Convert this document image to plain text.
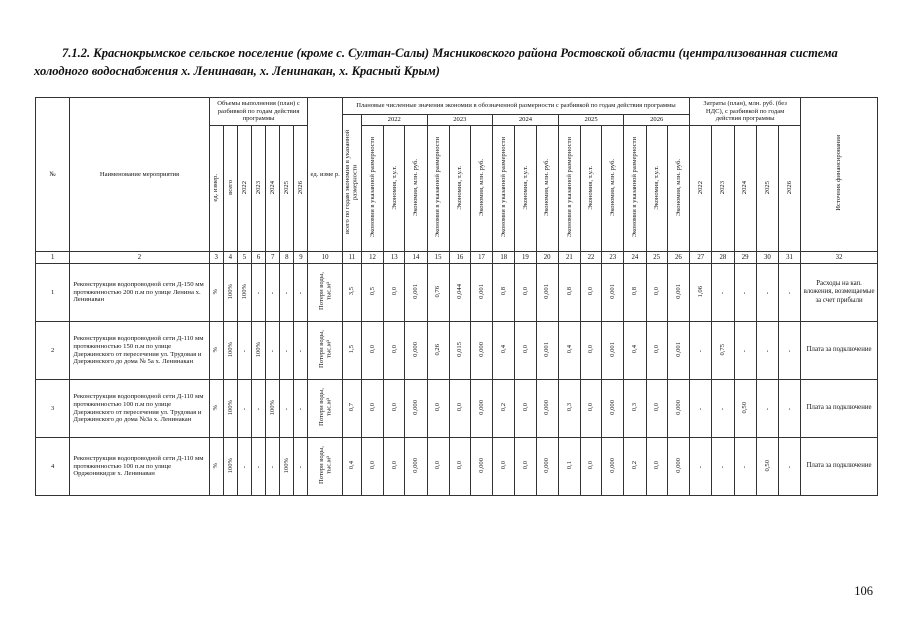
7.1.2. Краснокрымское сельское поселение (кроме с. Султан-Салы) Мясниковского района Ростовской области (централизованная система холодного водоснабжения х. Ленинаван, х. Ленинакан, х. Красный Крым)
№	Наименование мероприятия	Объемы выполнения (план) с разбивкой по годам действия программы							ед. изме р.	Плановые численные значения экономии в обозначенной размерности с разбивкой по годам действия программы																Затраты (план), млн. руб. (без НДС), с разбивкой по годам действия программы					Источник финансирования
										всего по годам экономия в указанной размерности	2022			2023			2024			2025			2026								
		ед. измер.	всего	2022	2023	2024	2025	2026			Экономия в указанной размерности	Экономия, т.у.т.	Экономия, млн. руб.	Экономия в указанной размерности	Экономия, т.у.т.	Экономия, млн. руб.	Экономия в указанной размерности	Экономия, т.у.т.	Экономия, млн. руб.	Экономия в указанной размерности	Экономия, т.у.т.	Экономия, млн. руб.	Экономия в указанной размерности	Экономия, т.у.т.	Экономия, млн. руб.	2022	2023	2024	2025	2026	
1	2	3	4	5	6	7	8	9	10	11	12	13	14	15	16	17	18	19	20	21	22	23	24	25	26	27	28	29	30	31	32
1	Реконструкция водопроводной сети Д-150 мм протяженностью 200 п.м по улице Ленина х. Ленинаван	%	100%	100%	-	-	-	-	Потери воды, тыс.м³	3,5	0,5	0,0	0,001	0,76	0,044	0,001	0,8	0,0	0,001	0,8	0,0	0,001	0,8	0,0	0,001	1,06	-	-	-	-	Расходы на кап. вложения, возмещаемые за счет прибыли
2	Реконструкция водопроводной сети Д-110 мм протяженностью 150 п.м по улице Дзержинского от пересечения ул. Трудовая и Дзержинского до дома № 5а х. Ленинакан	%	100%	-	100%	-	-	-	Потери воды, тыс.м³	1,5	0,0	0,0	0,000	0,26	0,015	0,000	0,4	0,0	0,001	0,4	0,0	0,001	0,4	0,0	0,001	-	0,75	-	-	-	Плата за подключение
3	Реконструкция водопроводной сети Д-110 мм протяженностью 100 п.м по улице Дзержинского от пересечения ул. Трудовая и Дзержинского до дома №3а х. Ленинакан	%	100%	-	-	100%	-	-	Потери воды, тыс.м³	0,7	0,0	0,0	0,000	0,0	0,0	0,000	0,2	0,0	0,000	0,3	0,0	0,000	0,3	0,0	0,000	-	-	0,50	-	-	Плата за подключение
4	Реконструкция водопроводной сети Д-110 мм протяженностью 100 п.м по улице Орджоникидзе х. Ленинаван	%	100%	-	-	-	100%	-	Потери воды, тыс.м³	0,4	0,0	0,0	0,000	0,0	0,0	0,000	0,0	0,0	0,000	0,1	0,0	0,000	0,2	0,0	0,000	-	-	-	0,50	-	Плата за подключение
106
